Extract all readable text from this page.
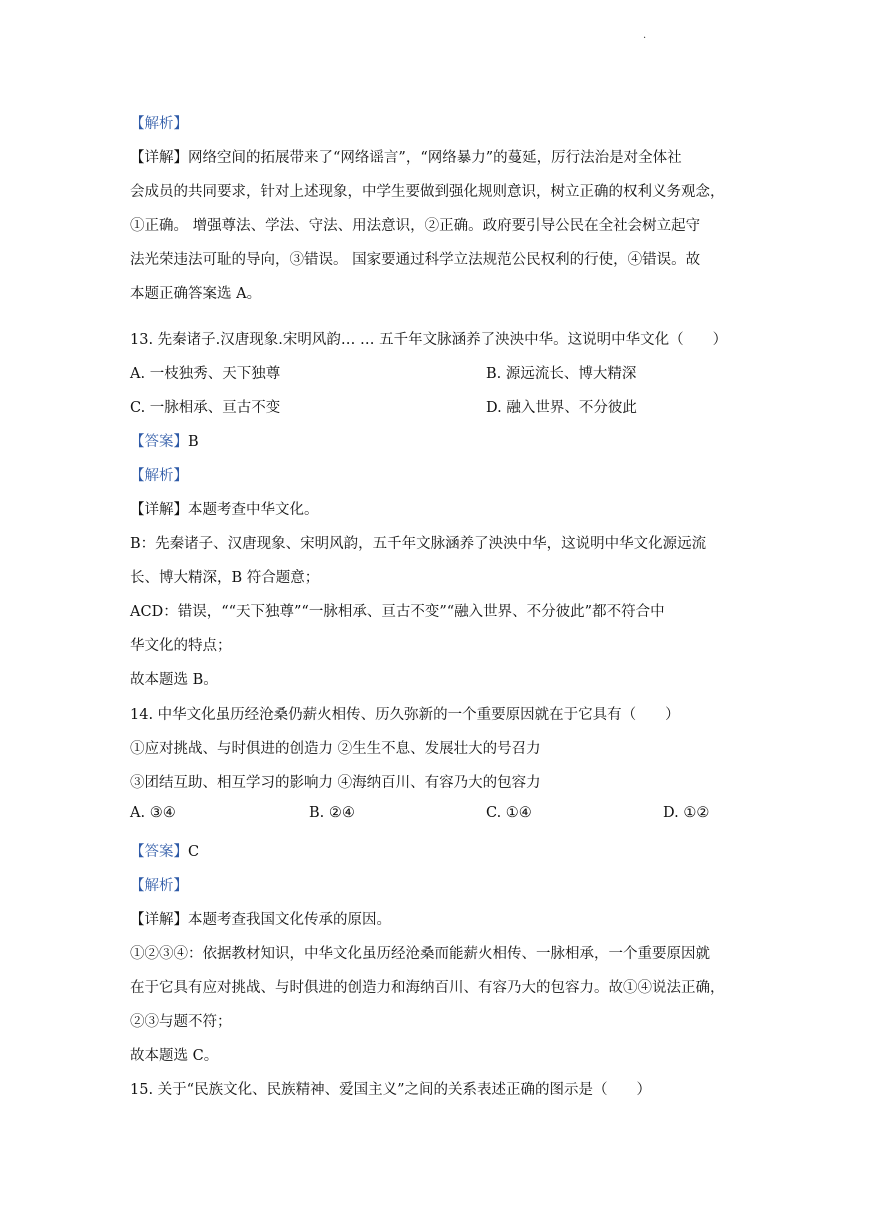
.
【解析】
【详解】网络空间的拓展带来了“网络谣言”，“网络暴力”的蔓延，厉行法治是对全体社
会成员的共同要求，针对上述现象，中学生要做到强化规则意识，树立正确的权利义务观念，
①正确。 增强尊法、学法、守法、用法意识，②正确。政府要引导公民在全社会树立起守
法光荣违法可耻的导向，③错误。 国家要通过科学立法规范公民权利的行使，④错误。故
本题正确答案选 A。
13. 先秦诸子.汉唐现象.宋明风韵… … 五千年文脉涵养了泱泱中华。这说明中华文化（　　）
A. 一枝独秀、天下独尊	B. 源远流长、博大精深
C. 一脉相承、亘古不变	D. 融入世界、不分彼此
【答案】B
【解析】
【详解】本题考查中华文化。
B：先秦诸子、汉唐现象、宋明风韵，五千年文脉涵养了泱泱中华，这说明中华文化源远流
长、博大精深，B 符合题意；
ACD：错误，““天下独尊”“一脉相承、亘古不变”“融入世界、不分彼此”都不符合中
华文化的特点；
故本题选 B。
14. 中华文化虽历经沧桑仍薪火相传、历久弥新的一个重要原因就在于它具有（　　）
①应对挑战、与时俱进的创造力 ②生生不息、发展壮大的号召力
③团结互助、相互学习的影响力 ④海纳百川、有容乃大的包容力
A. ③④	B. ②④	C. ①④	D. ①②
【答案】C
【解析】
【详解】本题考查我国文化传承的原因。
①②③④：依据教材知识，中华文化虽历经沧桑而能薪火相传、一脉相承，一个重要原因就
在于它具有应对挑战、与时俱进的创造力和海纳百川、有容乃大的包容力。故①④说法正确，
②③与题不符；
故本题选 C。
15. 关于“民族文化、民族精神、爱国主义”之间的关系表述正确的图示是（　　）
